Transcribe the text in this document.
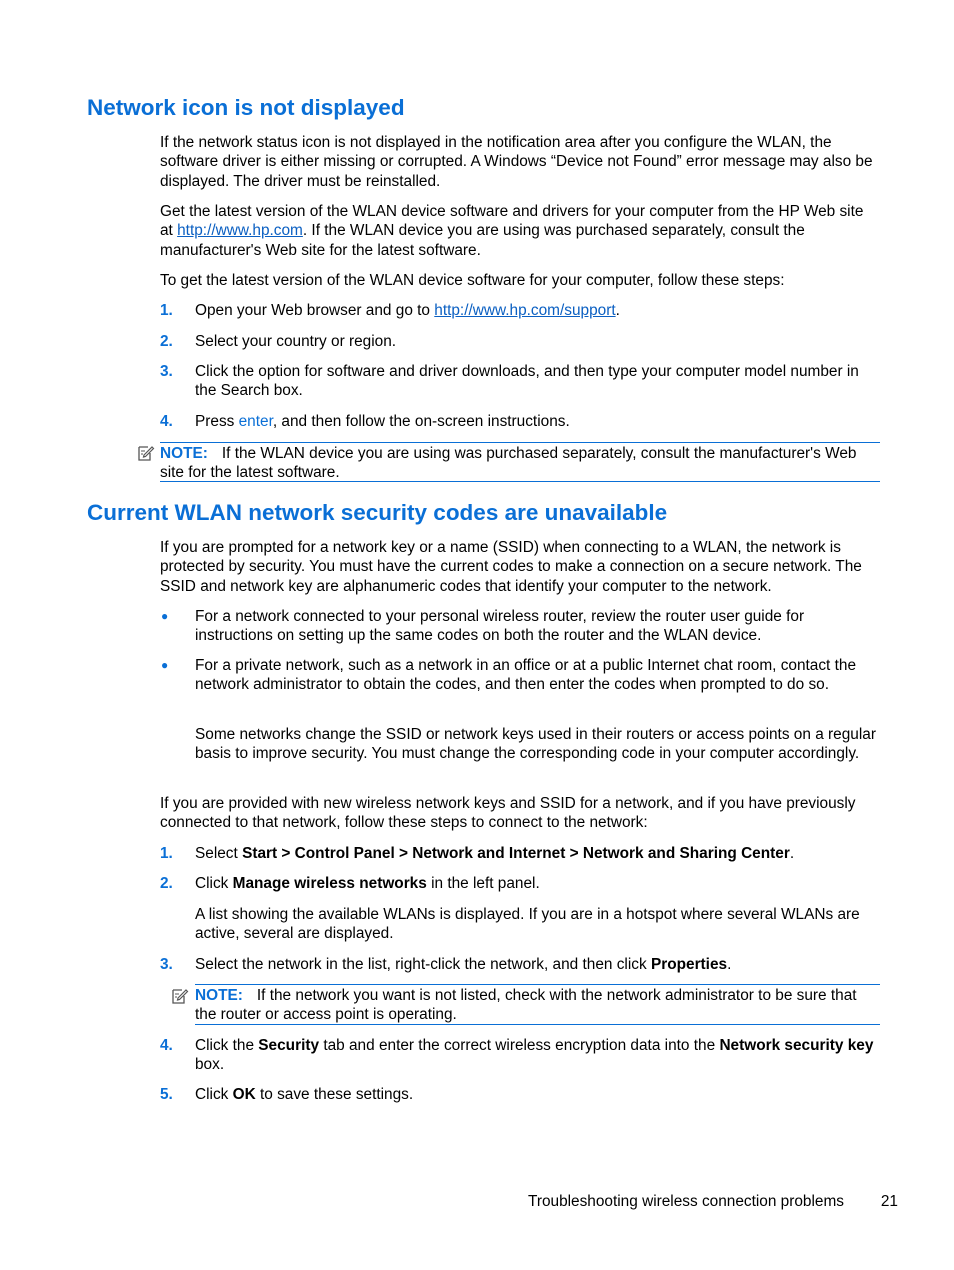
Network icon is not displayed

If the network status icon is not displayed in the notification area after you configure the WLAN, the software driver is either missing or corrupted. A Windows “Device not Found” error message may also be displayed. The driver must be reinstalled.

Get the latest version of the WLAN device software and drivers for your computer from the HP Web site at http://www.hp.com. If the WLAN device you are using was purchased separately, consult the manufacturer's Web site for the latest software.

To get the latest version of the WLAN device software for your computer, follow these steps:

1. Open your Web browser and go to http://www.hp.com/support.
2. Select your country or region.
3. Click the option for software and driver downloads, and then type your computer model number in the Search box.
4. Press enter, and then follow the on-screen instructions.
NOTE: If the WLAN device you are using was purchased separately, consult the manufacturer's Web site for the latest software.
Current WLAN network security codes are unavailable

If you are prompted for a network key or a name (SSID) when connecting to a WLAN, the network is protected by security. You must have the current codes to make a connection on a secure network. The SSID and network key are alphanumeric codes that identify your computer to the network.

● For a network connected to your personal wireless router, review the router user guide for instructions on setting up the same codes on both the router and the WLAN device.
● For a private network, such as a network in an office or at a public Internet chat room, contact the network administrator to obtain the codes, and then enter the codes when prompted to do so.
Some networks change the SSID or network keys used in their routers or access points on a regular basis to improve security. You must change the corresponding code in your computer accordingly.

If you are provided with new wireless network keys and SSID for a network, and if you have previously connected to that network, follow these steps to connect to the network:

1. Select Start > Control Panel > Network and Internet > Network and Sharing Center.
2. Click Manage wireless networks in the left panel.
A list showing the available WLANs is displayed. If you are in a hotspot where several WLANs are active, several are displayed.
3. Select the network in the list, right-click the network, and then click Properties.
NOTE: If the network you want is not listed, check with the network administrator to be sure that the router or access point is operating.
4. Click the Security tab and enter the correct wireless encryption data into the Network security key box.
5. Click OK to save these settings.
Troubleshooting wireless connection problems 21
